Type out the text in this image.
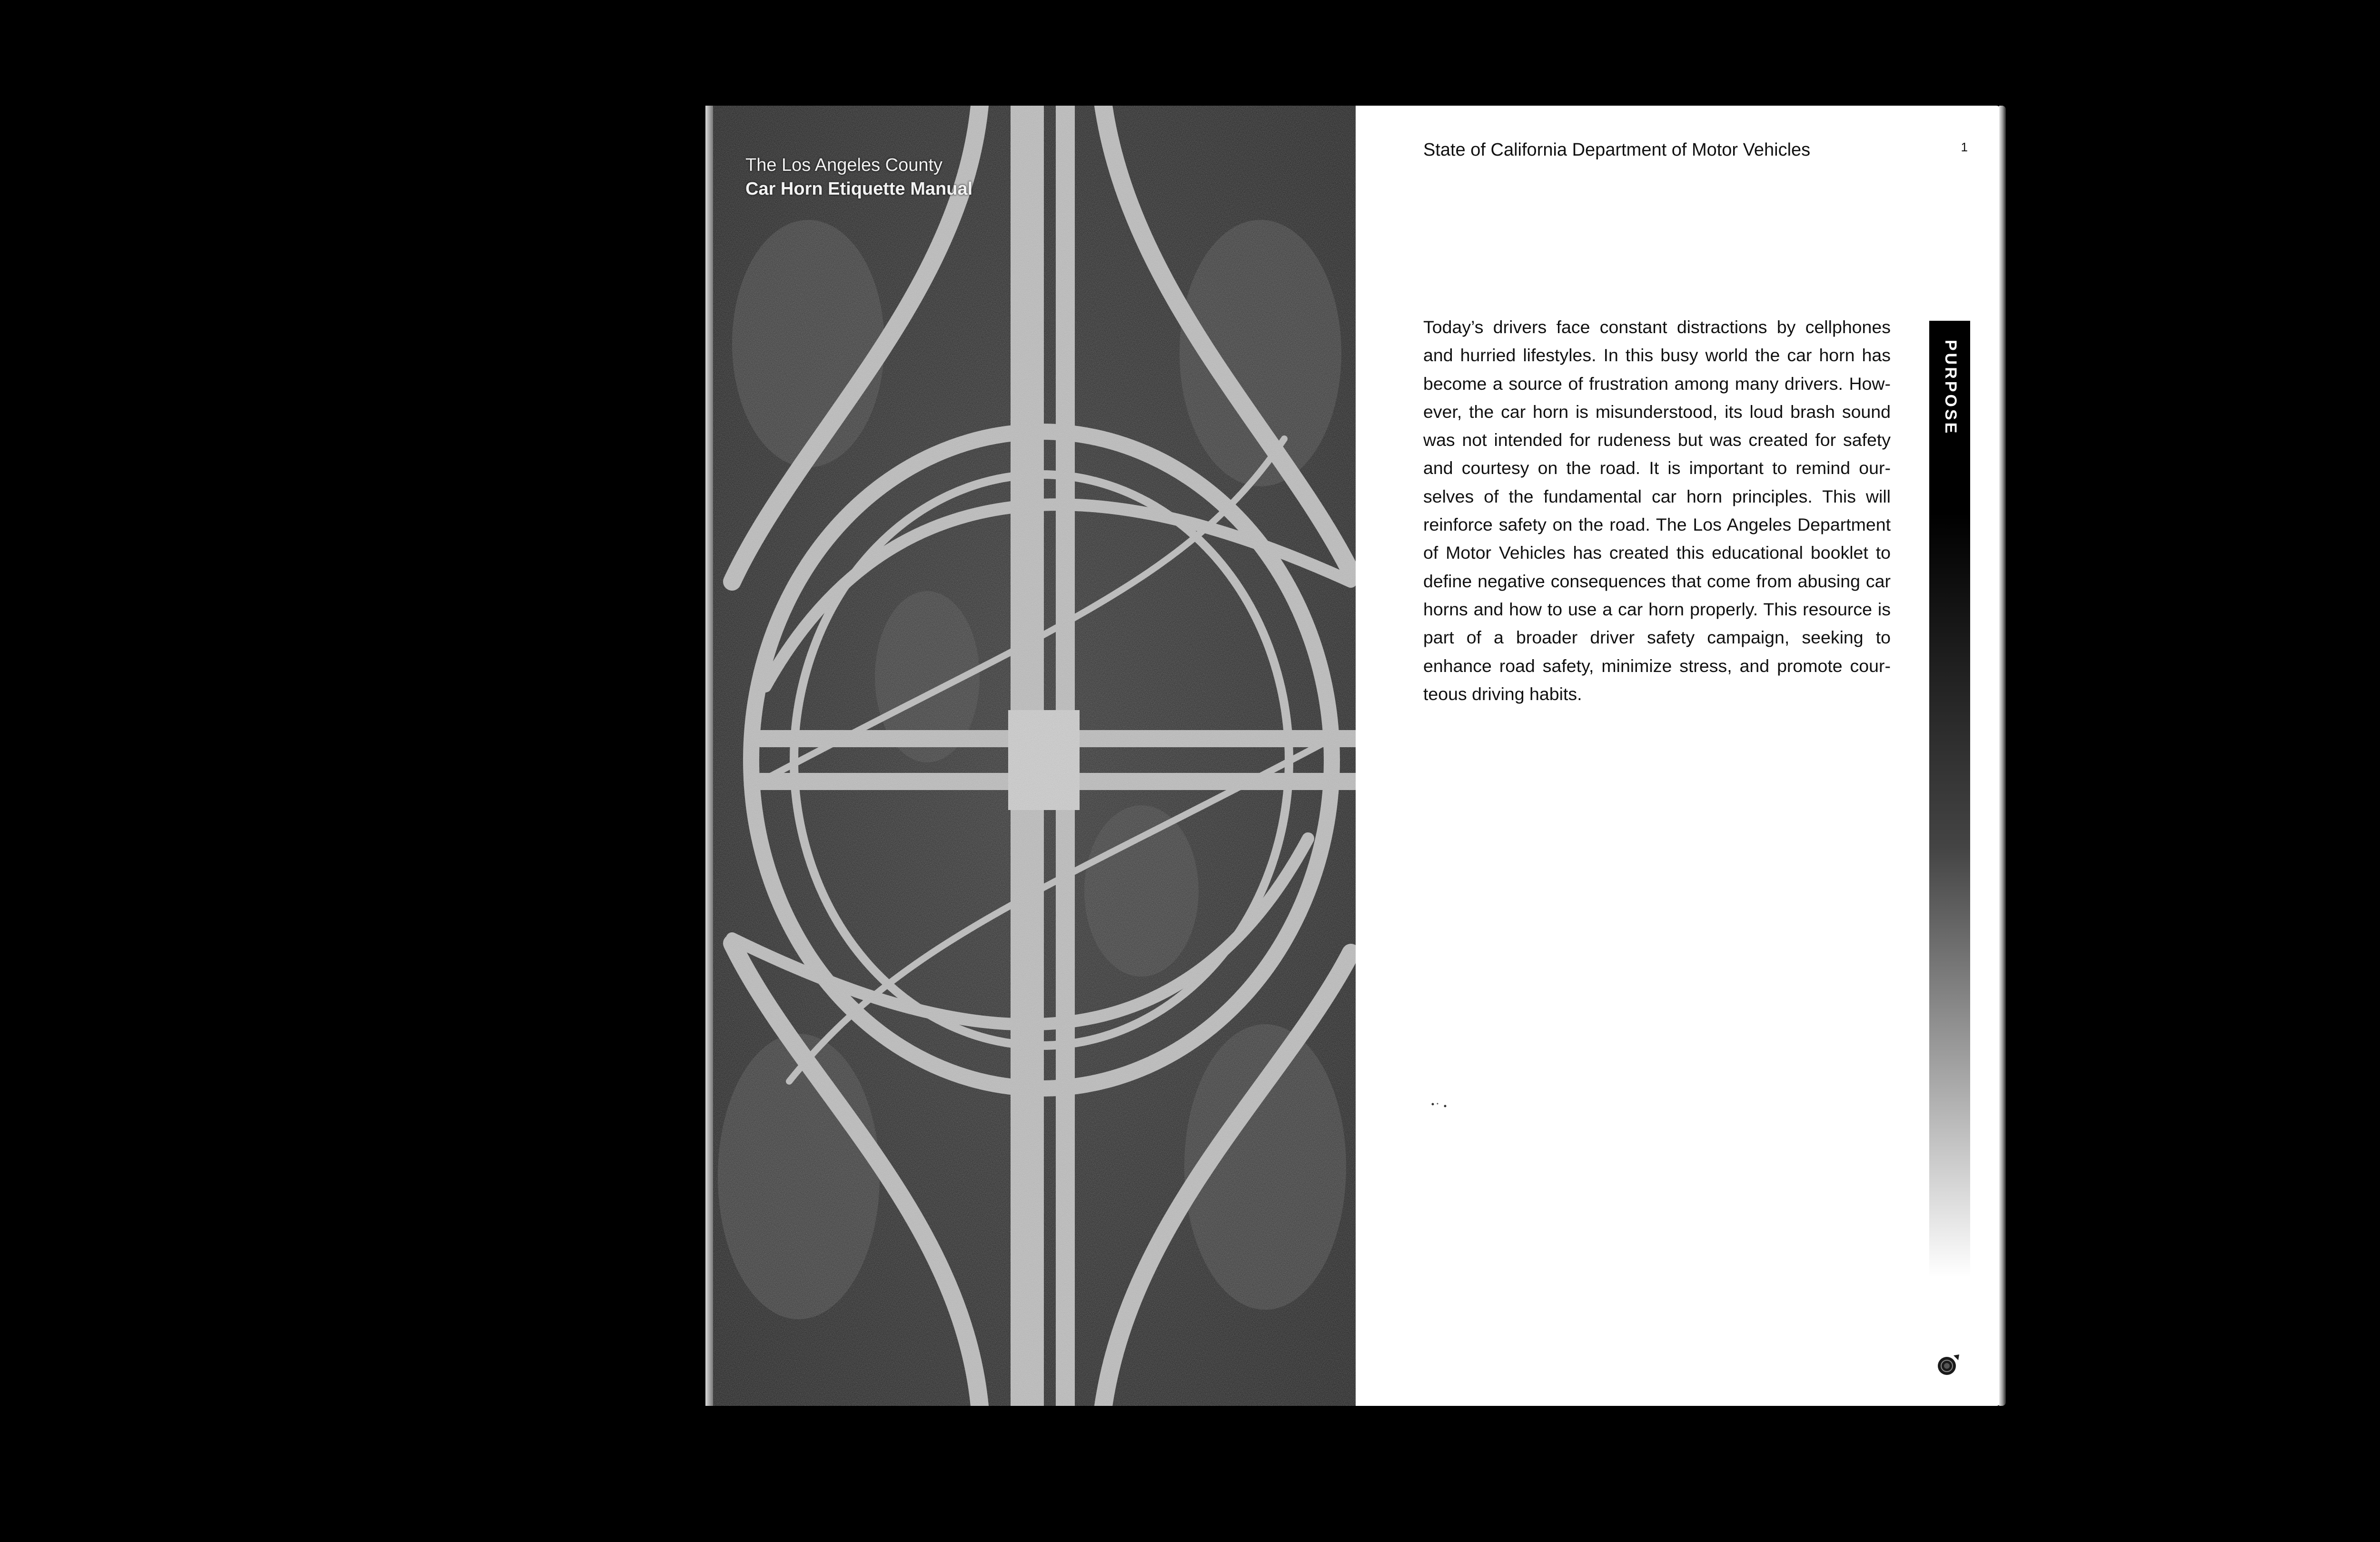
The Los Angeles County
Car Horn Etiquette Manual
State of California Department of Motor Vehicles	1
Today’s drivers face constant distractions by cellphones and hurried lifestyles. In this busy world the car horn has become a source of frustration among many drivers. However, the car horn is misunderstood, its loud brash sound was not intended for rudeness but was created for safety and courtesy on the road. It is important to remind ourselves of the fundamental car horn principles. This will reinforce safety on the road. The Los Angeles Department of Motor Vehicles has created this educational booklet to define negative consequences that come from abusing car horns and how to use a car horn properly. This resource is part of a broader driver safety campaign, seeking to enhance road safety, minimize stress, and promote courteous driving habits.
PURPOSE
